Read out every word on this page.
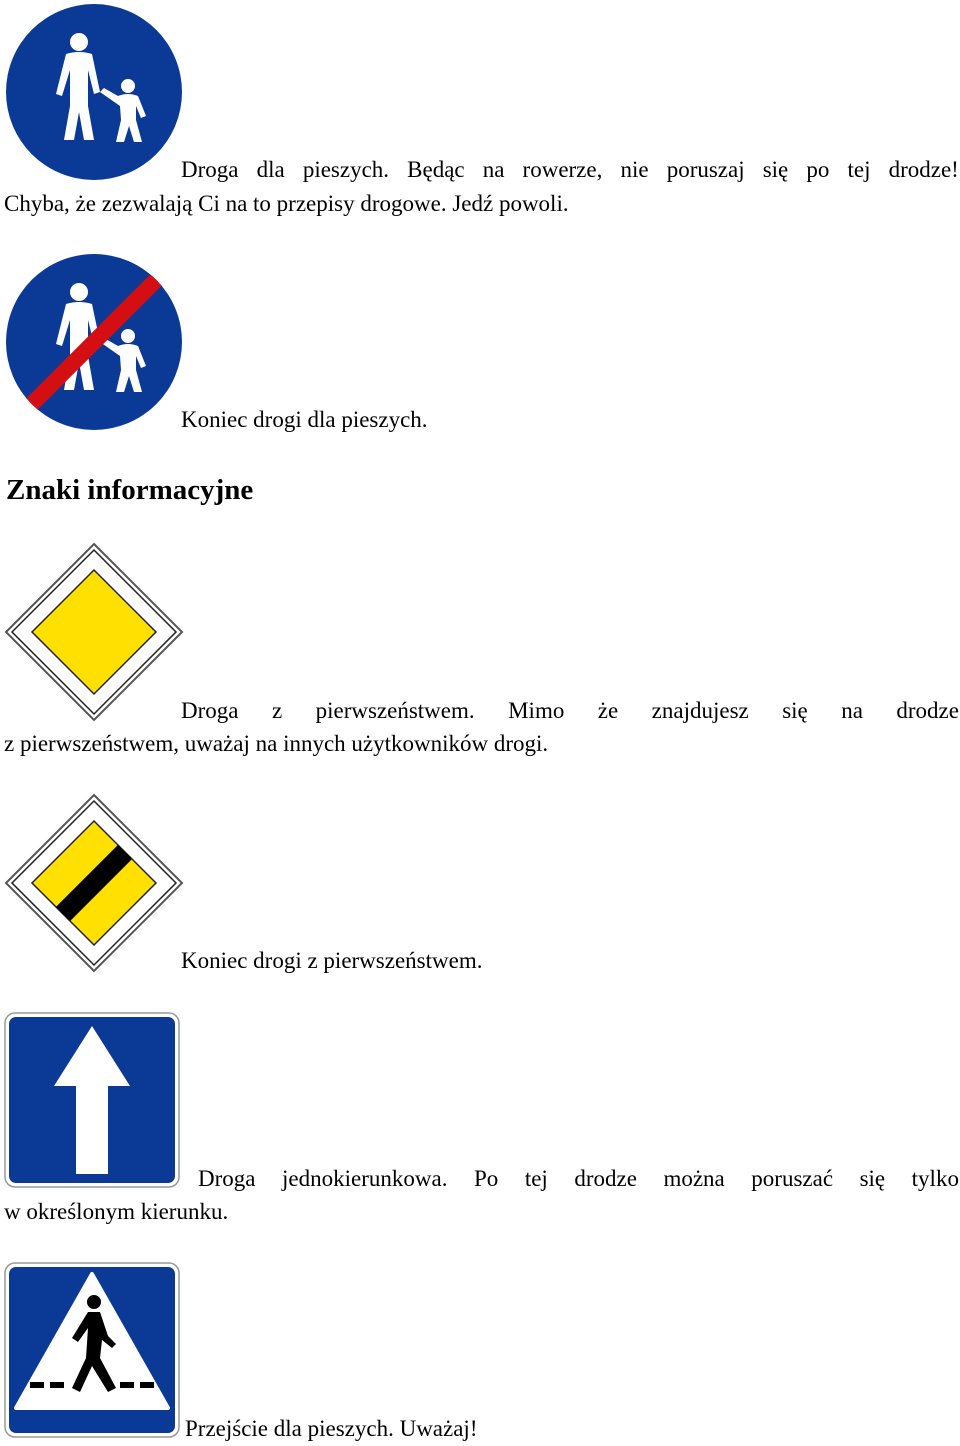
Droga dla pieszych. Będąc na rowerze, nie poruszaj się po tej drodze!
Chyba, że zezwalają Ci na to przepisy drogowe. Jedź powoli.
Koniec drogi dla pieszych.
Znaki informacyjne
Droga z pierwszeństwem. Mimo że znajdujesz się na drodze
z pierwszeństwem, uważaj na innych użytkowników drogi.
Koniec drogi z pierwszeństwem.
Droga jednokierunkowa. Po tej drodze można poruszać się tylko
w określonym kierunku.
Przejście dla pieszych. Uważaj!
